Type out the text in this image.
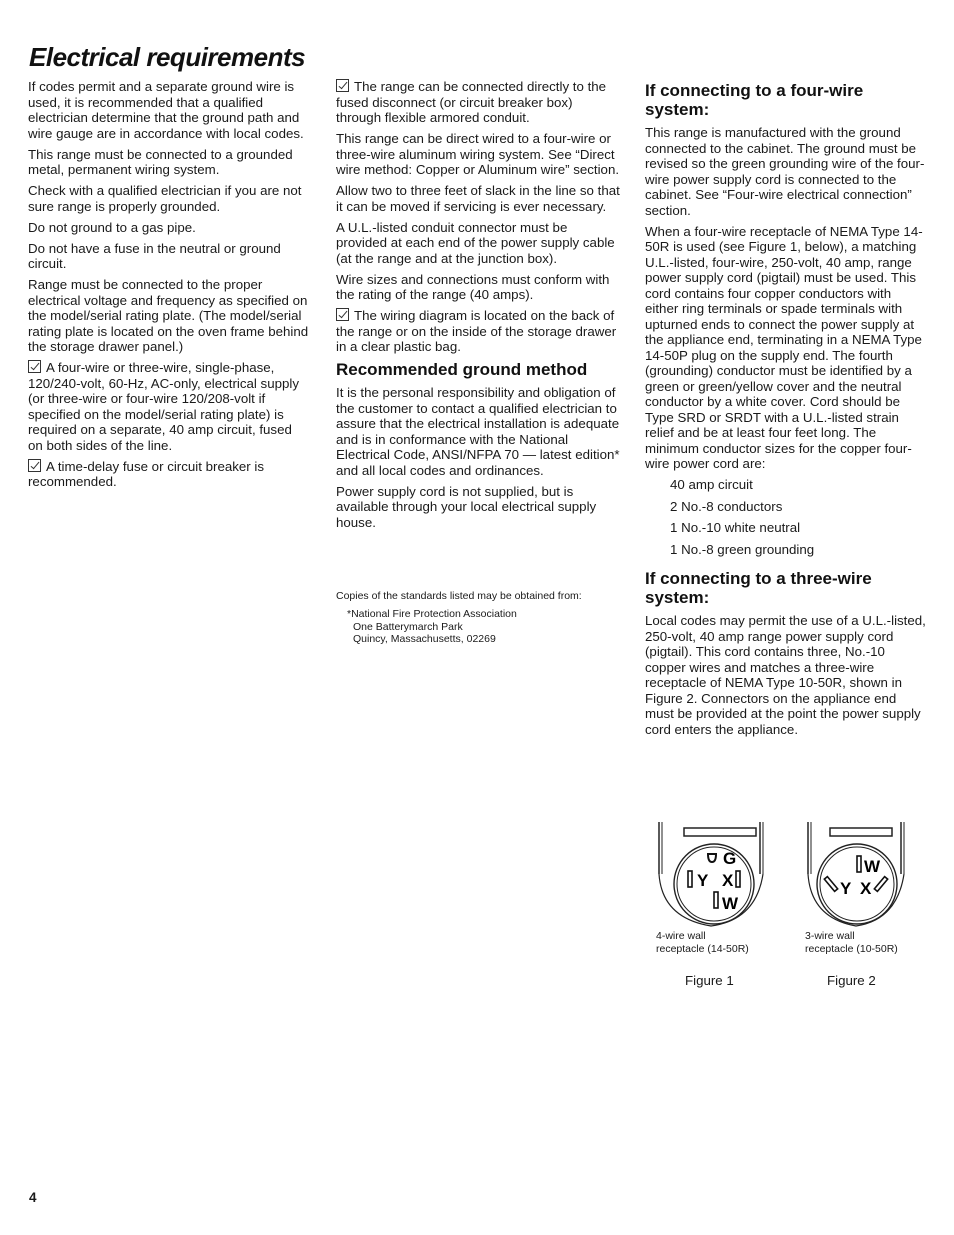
Electrical requirements

If codes permit and a separate ground wire is used, it is recommended that a qualified electrician determine that the ground path and wire gauge are in accordance with local codes.

This range must be connected to a grounded metal, permanent wiring system.

Check with a qualified electrician if you are not sure range is properly grounded.

Do not ground to a gas pipe.

Do not have a fuse in the neutral or ground circuit.

Range must be connected to the proper electrical voltage and frequency as specified on the model/serial rating plate. (The model/serial rating plate is located on the oven frame behind the storage drawer panel.)

A four-wire or three-wire, single-phase, 120/240-volt, 60-Hz, AC-only, electrical supply (or three-wire or four-wire 120/208-volt if specified on the model/serial rating plate) is required on a separate, 40 amp circuit, fused on both sides of the line.

A time-delay fuse or circuit breaker is recommended.

The range can be connected directly to the fused disconnect (or circuit breaker box) through flexible armored conduit.

This range can be direct wired to a four-wire or three-wire aluminum wiring system. See “Direct wire method: Copper or Aluminum wire” section.

Allow two to three feet of slack in the line so that it can be moved if servicing is ever necessary.

A U.L.-listed conduit connector must be provided at each end of the power supply cable (at the range and at the junction box).

Wire sizes and connections must conform with the rating of the range (40 amps).

The wiring diagram is located on the back of the range or on the inside of the storage drawer in a clear plastic bag.

Recommended ground method

It is the personal responsibility and obligation of the customer to contact a qualified electrician to assure that the electrical installation is adequate and is in conformance with the National Electrical Code, ANSI/NFPA 70 — latest edition* and all local codes and ordinances.

Power supply cord is not supplied, but is available through your local electrical supply house.

Copies of the standards listed may be obtained from:

*National Fire Protection Association

One Batterymarch Park
Quincy, Massachusetts, 02269

If connecting to a four-wire system:

This range is manufactured with the ground connected to the cabinet. The ground must be revised so the green grounding wire of the four-wire power supply cord is connected to the cabinet. See “Four-wire electrical connection” section.

When a four-wire receptacle of NEMA Type 14-50R is used (see Figure 1, below), a matching U.L.-listed, four-wire, 250-volt, 40 amp, range power supply cord (pigtail) must be used. This cord contains four copper conductors with either ring terminals or spade terminals with upturned ends to connect the power supply at the appliance end, terminating in a NEMA Type 14-50P plug on the supply end. The fourth (grounding) conductor must be identified by a green or green/yellow cover and the neutral conductor by a white cover. Cord should be Type SRD or SRDT with a U.L.-listed strain relief and be at least four feet long. The minimum conductor sizes for the copper four-wire power cord are:

40 amp circuit

2 No.-8 conductors

1 No.-10 white neutral

1 No.-8 green grounding

If connecting to a three-wire system:

Local codes may permit the use of a U.L.-listed, 250-volt, 40 amp range power supply cord (pigtail). This cord contains three, No.-10 copper wires and matches a three-wire receptacle of NEMA Type 10-50R, shown in Figure 2. Connectors on the appliance end must be provided at the point the power supply cord enters the appliance.

G
Y X
W
4-wire wall
receptacle (14-50R)
W
Y X
3-wire wall
receptacle (10-50R)
Figure 1	Figure 2
4
